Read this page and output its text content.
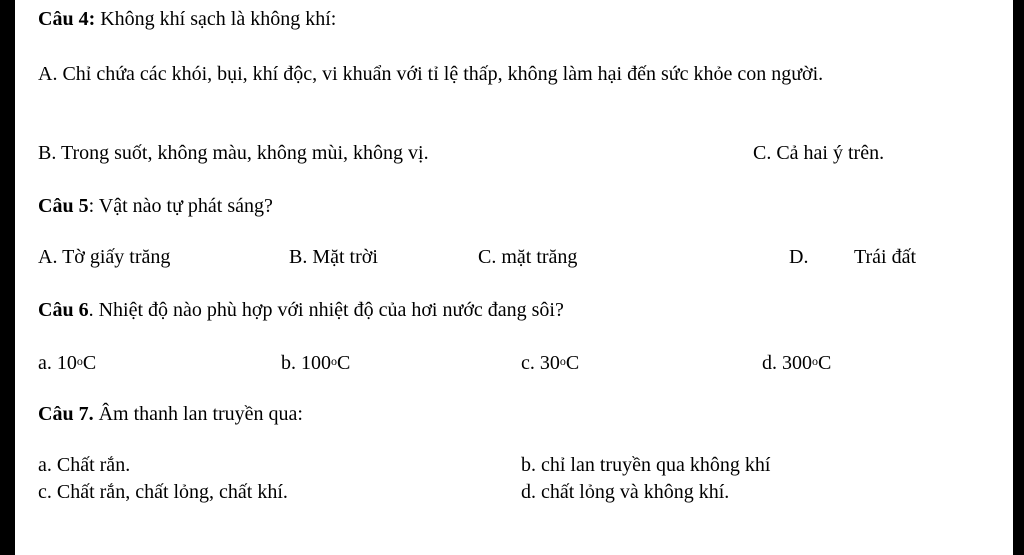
Câu 4: Không khí sạch là không khí:
A. Chỉ chứa các khói, bụi, khí độc, vi khuẩn với tỉ lệ thấp, không làm hại đến sức khỏe con người.
B. Trong suốt, không màu, không mùi, không vị.	C. Cả hai ý trên.
Câu 5: Vật nào tự phát sáng?
A. Tờ giấy trăng	B. Mặt trời	C. mặt trăng	D. Trái đất
Câu 6. Nhiệt độ nào phù hợp với nhiệt độ của hơi nước đang sôi?
a. 10$^o$C	b. 100$^o$C	c. 30$^o$C	d. 300$^o$C
Câu 7. Âm thanh lan truyền qua:
a. Chất rắn.	b. chỉ lan truyền qua không khí
c. Chất rắn, chất lỏng, chất khí.	d. chất lỏng và không khí.
